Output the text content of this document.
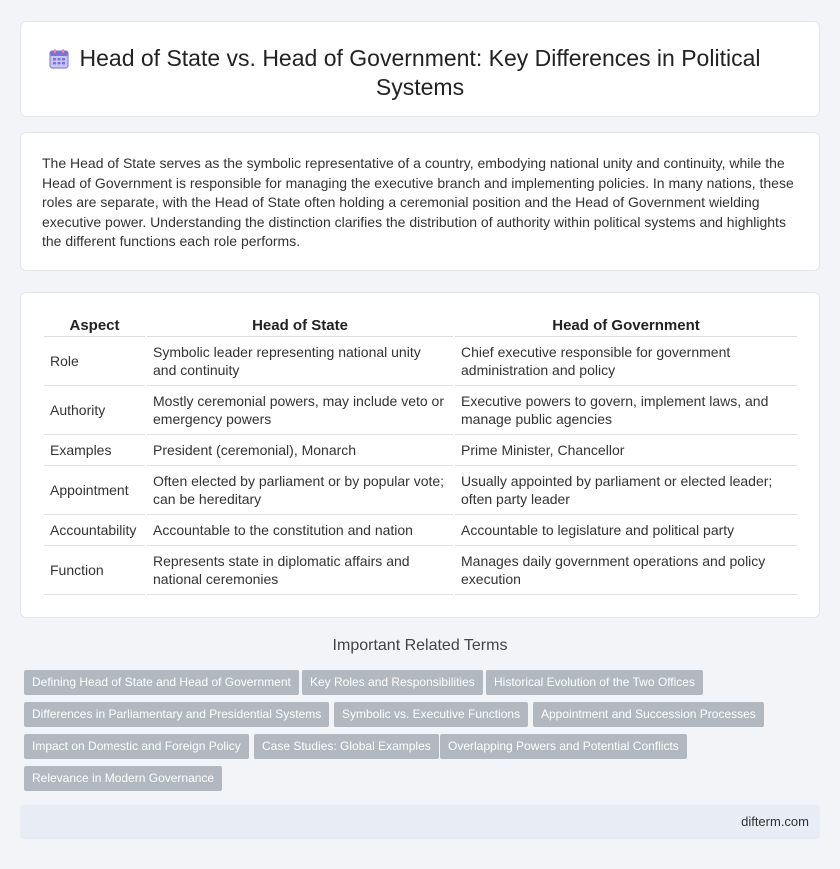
Head of State vs. Head of Government: Key Differences in Political Systems

The Head of State serves as the symbolic representative of a country, embodying national unity and continuity, while the Head of Government is responsible for managing the executive branch and implementing policies. In many nations, these roles are separate, with the Head of State often holding a ceremonial position and the Head of Government wielding executive power. Understanding the distinction clarifies the distribution of authority within political systems and highlights the different functions each role performs.

Aspect	Head of State	Head of Government
Role	Symbolic leader representing national unity and continuity	Chief executive responsible for government administration and policy
Authority	Mostly ceremonial powers, may include veto or emergency powers	Executive powers to govern, implement laws, and manage public agencies
Examples	President (ceremonial), Monarch	Prime Minister, Chancellor
Appointment	Often elected by parliament or by popular vote; can be hereditary	Usually appointed by parliament or elected leader; often party leader
Accountability	Accountable to the constitution and nation	Accountable to legislature and political party
Function	Represents state in diplomatic affairs and national ceremonies	Manages daily government operations and policy execution
Important Related Terms
Defining Head of State and Head of Government	Key Roles and Responsibilities	Historical Evolution of the Two Offices
Differences in Parliamentary and Presidential Systems	Symbolic vs. Executive Functions	Appointment and Succession Processes
Impact on Domestic and Foreign Policy	Case Studies: Global Examples	Overlapping Powers and Potential Conflicts
Relevance in Modern Governance
difterm.com
